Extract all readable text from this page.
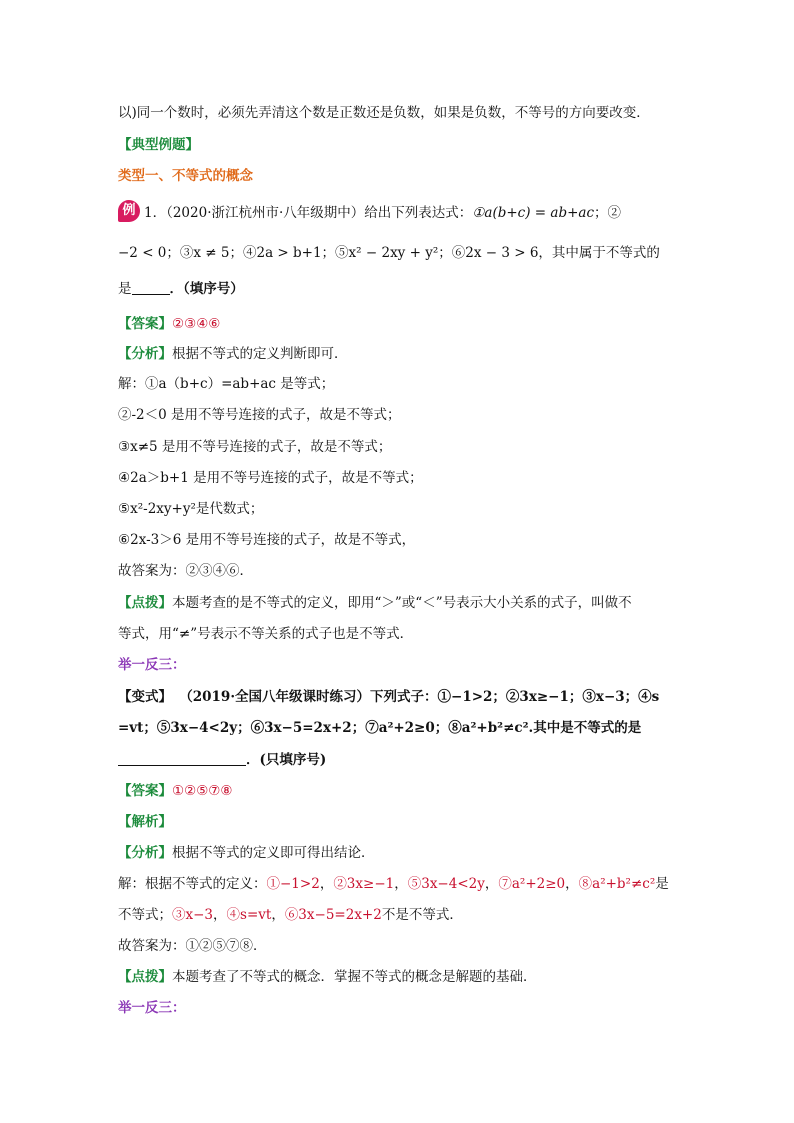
以)同一个数时，必须先弄清这个数是正数还是负数，如果是负数，不等号的方向要改变．
【典型例题】
类型一、不等式的概念
例 1．（2020·浙江杭州市·八年级期中）给出下列表达式：①a(b+c) = ab+ac；②
−2 < 0；③x ≠ 5；④2a > b+1；⑤x² − 2xy + y²；⑥2x − 3 > 6，其中属于不等式的
是	．（填序号）
【答案】②③④⑥
【分析】根据不等式的定义判断即可．
解：①a（b+c）=ab+ac 是等式；
②-2＜0 是用不等号连接的式子，故是不等式；
③x≠5 是用不等号连接的式子，故是不等式；
④2a＞b+1 是用不等号连接的式子，故是不等式；
⑤x²-2xy+y²是代数式；
⑥2x-3＞6 是用不等号连接的式子，故是不等式，
故答案为：②③④⑥．
【点拨】本题考查的是不等式的定义，即用“＞”或“＜”号表示大小关系的式子，叫做不
等式，用“≠”号表示不等关系的式子也是不等式．
举一反三：
【变式】 （2019·全国八年级课时练习）下列式子：①−1>2；②3x≥−1；③x−3；④s
=vt；⑤3x−4<2y；⑥3x−5=2x+2；⑦a²+2≥0；⑧a²+b²≠c².其中是不等式的是
．(只填序号)
【答案】①②⑤⑦⑧
【解析】
【分析】根据不等式的定义即可得出结论．
解：根据不等式的定义：①−1>2，②3x≥−1，⑤3x−4<2y，⑦a²+2≥0，⑧a²+b²≠c²是
不等式；③x−3，④s=vt，⑥3x−5=2x+2不是不等式．
故答案为：①②⑤⑦⑧．
【点拨】本题考查了不等式的概念．掌握不等式的概念是解题的基础．
举一反三：
